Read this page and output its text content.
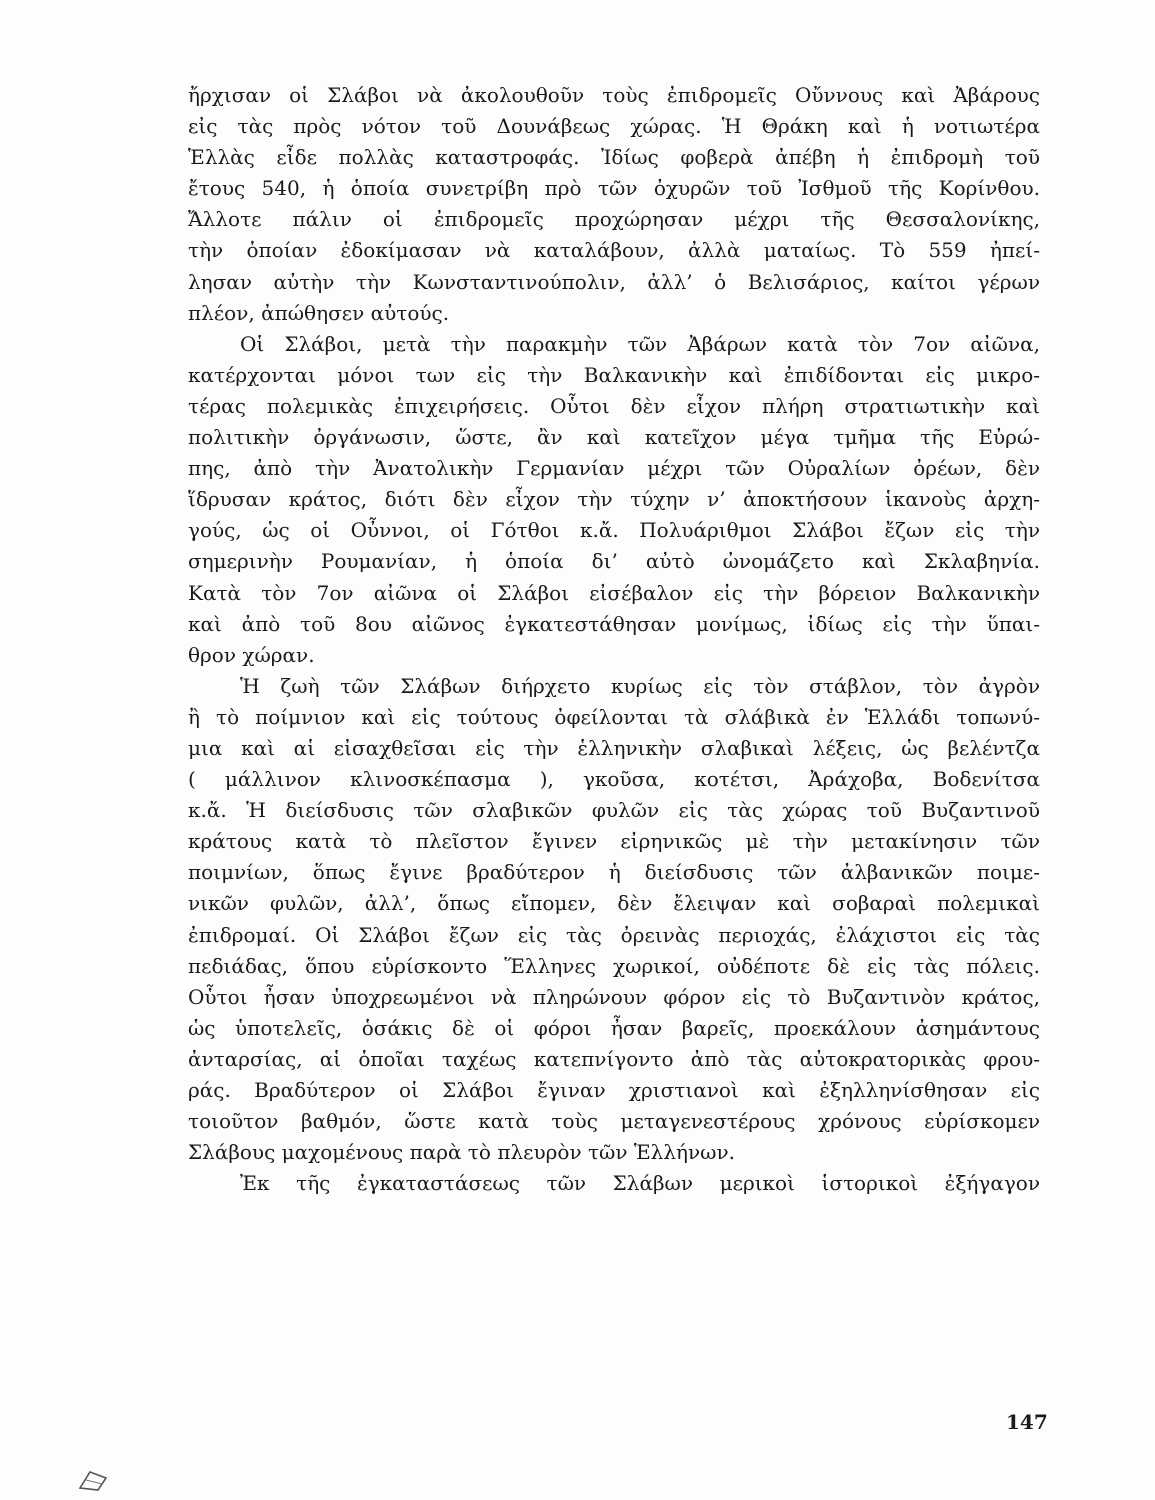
ἤρχισαν οἱ Σλάβοι νὰ ἀκολουθοῦν τοὺς ἐπιδρομεῖς Οὔννους καὶ Ἀβάρους
εἰς τὰς πρὸς νότον τοῦ Δουνάβεως χώρας. Ἡ Θράκη καὶ ἡ νοτιωτέρα
Ἑλλὰς εἶδε πολλὰς καταστροφάς. Ἰδίως φοβερὰ ἀπέβη ἡ ἐπιδρομὴ τοῦ
ἔτους 540, ἡ ὁποία συνετρίβη πρὸ τῶν ὀχυρῶν τοῦ Ἰσθμοῦ τῆς Κορίνθου.
Ἄλλοτε πάλιν οἱ ἐπιδρομεῖς προχώρησαν μέχρι τῆς Θεσσαλονίκης,
τὴν ὁποίαν ἐδοκίμασαν νὰ καταλάβουν, ἀλλὰ ματαίως. Τὸ 559 ἠπεί-
λησαν αὐτὴν τὴν Κωνσταντινούπολιν, ἀλλ’ ὁ Βελισάριος, καίτοι γέρων
πλέον, ἀπώθησεν αὐτούς.
Οἱ Σλάβοι, μετὰ τὴν παρακμὴν τῶν Ἀβάρων κατὰ τὸν 7ον αἰῶνα,
κατέρχονται μόνοι των εἰς τὴν Βαλκανικὴν καὶ ἐπιδίδονται εἰς μικρο-
τέρας πολεμικὰς ἐπιχειρήσεις. Οὗτοι δὲν εἶχον πλήρη στρατιωτικὴν καὶ
πολιτικὴν ὀργάνωσιν, ὥστε, ἂν καὶ κατεῖχον μέγα τμῆμα τῆς Εὐρώ-
πης, ἀπὸ τὴν Ἀνατολικὴν Γερμανίαν μέχρι τῶν Οὐραλίων ὀρέων, δὲν
ἵδρυσαν κράτος, διότι δὲν εἶχον τὴν τύχην ν’ ἀποκτήσουν ἱκανοὺς ἀρχη-
γούς, ὡς οἱ Οὖννοι, οἱ Γότθοι κ.ἄ. Πολυάριθμοι Σλάβοι ἔζων εἰς τὴν
σημερινὴν Ρουμανίαν, ἡ ὁποία δι’ αὐτὸ ὠνομάζετο καὶ Σκλαβηνία.
Κατὰ τὸν 7ον αἰῶνα οἱ Σλάβοι εἰσέβαλον εἰς τὴν βόρειον Βαλκανικὴν
καὶ ἀπὸ τοῦ 8ου αἰῶνος ἐγκατεστάθησαν μονίμως, ἰδίως εἰς τὴν ὕπαι-
θρον χώραν.
Ἡ ζωὴ τῶν Σλάβων διήρχετο κυρίως εἰς τὸν στάβλον, τὸν ἀγρὸν
ἢ τὸ ποίμνιον καὶ εἰς τούτους ὀφείλονται τὰ σλάβικὰ ἐν Ἑλλάδι τοπωνύ-
μια καὶ αἱ εἰσαχθεῖσαι εἰς τὴν ἑλληνικὴν σλαβικαὶ λέξεις, ὡς βελέντζα
( μάλλινον κλινοσκέπασμα ), γκοῦσα, κοτέτσι, Ἀράχοβα, Βοδενίτσα
κ.ἄ. Ἡ διείσδυσις τῶν σλαβικῶν φυλῶν εἰς τὰς χώρας τοῦ Βυζαντινοῦ
κράτους κατὰ τὸ πλεῖστον ἔγινεν εἰρηνικῶς μὲ τὴν μετακίνησιν τῶν
ποιμνίων, ὅπως ἔγινε βραδύτερον ἡ διείσδυσις τῶν ἀλβανικῶν ποιμε-
νικῶν φυλῶν, ἀλλ’, ὅπως εἴπομεν, δὲν ἔλειψαν καὶ σοβαραὶ πολεμικαὶ
ἐπιδρομαί. Οἱ Σλάβοι ἔζων εἰς τὰς ὀρεινὰς περιοχάς, ἐλάχιστοι εἰς τὰς
πεδιάδας, ὅπου εὑρίσκοντο Ἕλληνες χωρικοί, οὐδέποτε δὲ εἰς τὰς πόλεις.
Οὗτοι ἦσαν ὑποχρεωμένοι νὰ πληρώνουν φόρον εἰς τὸ Βυζαντινὸν κράτος,
ὡς ὑποτελεῖς, ὁσάκις δὲ οἱ φόροι ἦσαν βαρεῖς, προεκάλουν ἀσημάντους
ἀνταρσίας, αἱ ὁποῖαι ταχέως κατεπνίγοντο ἀπὸ τὰς αὐτοκρατορικὰς φρου-
ράς. Βραδύτερον οἱ Σλάβοι ἔγιναν χριστιανοὶ καὶ ἐξηλληνίσθησαν εἰς
τοιοῦτον βαθμόν, ὥστε κατὰ τοὺς μεταγενεστέρους χρόνους εὑρίσκομεν
Σλάβους μαχομένους παρὰ τὸ πλευρὸν τῶν Ἑλλήνων.
Ἐκ τῆς ἐγκαταστάσεως τῶν Σλάβων μερικοὶ ἱστορικοὶ ἐξήγαγον
147
